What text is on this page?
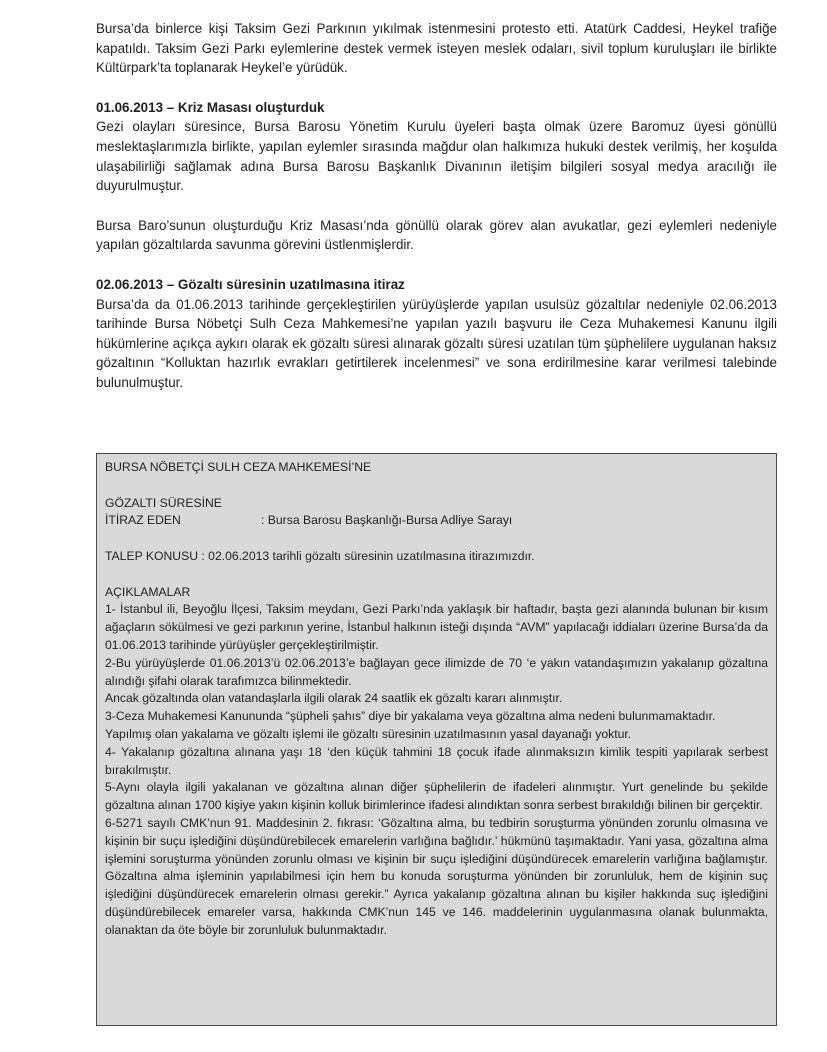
Bursa’da binlerce kişi Taksim Gezi Parkının yıkılmak istenmesini protesto etti. Atatürk Caddesi, Heykel trafiğe kapatıldı. Taksim Gezi Parkı eylemlerine destek vermek isteyen meslek odaları, sivil toplum kuruluşları ile birlikte Kültürpark’ta toplanarak Heykel’e yürüdük.

01.06.2013 – Kriz Masası oluşturduk

Gezi olayları süresince, Bursa Barosu Yönetim Kurulu üyeleri başta olmak üzere Baromuz üyesi gönüllü meslektaşlarımızla birlikte, yapılan eylemler sırasında mağdur olan halkımıza hukuki destek verilmiş, her koşulda ulaşabilirliği sağlamak adına Bursa Barosu Başkanlık Divanının iletişim bilgileri sosyal medya aracılığı ile duyurulmuştur.

Bursa Baro’sunun oluşturduğu Kriz Masası’nda gönüllü olarak görev alan avukatlar, gezi eylemleri nedeniyle yapılan gözaltılarda savunma görevini üstlenmişlerdir.

02.06.2013 – Gözaltı süresinin uzatılmasına itiraz

Bursa’da da 01.06.2013 tarihinde gerçekleştirilen yürüyüşlerde yapılan usulsüz gözaltılar nedeniyle 02.06.2013 tarihinde Bursa Nöbetçi Sulh Ceza Mahkemesi’ne yapılan yazılı başvuru ile Ceza Muhakemesi Kanunu ilgili hükümlerine açıkça aykırı olarak ek gözaltı süresi alınarak gözaltı süresi uzatılan tüm şüphelilere uygulanan haksız gözaltının “Kolluktan hazırlık evrakları getirtilerek incelenmesi” ve sona erdirilmesine karar verilmesi talebinde bulunulmuştur.

BURSA NÖBETÇİ SULH CEZA MAHKEMESİ’NE

GÖZALTI SÜRESİNE

İTİRAZ EDEN	: Bursa Barosu Başkanlığı-Bursa Adliye Sarayı

TALEP KONUSU : 02.06.2013 tarihli gözaltı süresinin uzatılmasına itirazımızdır.

AÇIKLAMALAR

1- İstanbul ili, Beyoğlu İlçesi, Taksim meydanı, Gezi Parkı’nda yaklaşık bir haftadır, başta gezi alanında bulunan bir kısım ağaçların sökülmesi ve gezi parkının yerine, İstanbul halkının isteği dışında “AVM” yapılacağı iddiaları üzerine Bursa’da da 01.06.2013 tarihinde yürüyüşler gerçekleştirilmiştir.

2-Bu yürüyüşlerde 01.06.2013’ü 02.06.2013’e bağlayan gece ilimizde de 70 ‘e yakın vatandaşımızın yakalanıp gözaltına alındığı şifahi olarak tarafımızca bilinmektedir.

Ancak gözaltında olan vatandaşlarla ilgili olarak 24 saatlik ek gözaltı kararı alınmıştır.

3-Ceza Muhakemesi Kanununda “şüpheli şahıs” diye bir yakalama veya gözaltına alma nedeni bulunmamaktadır.

Yapılmış olan yakalama ve gözaltı işlemi ile gözaltı süresinin uzatılmasının yasal dayanağı yoktur.

4- Yakalanıp gözaltına alınana yaşı 18 ‘den küçük tahmini 18 çocuk ifade alınmaksızın kimlik tespiti yapılarak serbest bırakılmıştır.

5-Aynı olayla ilgili yakalanan ve gözaltına alınan diğer şüphelilerin de ifadeleri alınmıştır. Yurt genelinde bu şekilde gözaltına alınan 1700 kişiye yakın kişinin kolluk birimlerince ifadesi alındıktan sonra serbest bırakıldığı bilinen bir gerçektir.

6-5271 sayılı CMK’nun 91. Maddesinin 2. fıkrası: ‘Gözaltına alma, bu tedbirin soruşturma yönünden zorunlu olmasına ve kişinin bir suçu işlediğini düşündürebilecek emarelerin varlığına bağlıdır.’ hükmünü taşımaktadır. Yani yasa, gözaltına alma işlemini soruşturma yönünden zorunlu olması ve kişinin bir suçu işlediğini düşündürecek emarelerin varlığına bağlamıştır. Gözaltına alma işleminin yapılabilmesi için hem bu konuda soruşturma yönünden bir zorunluluk, hem de kişinin suç işlediğini düşündürecek emarelerin olması gerekir.” Ayrıca yakalanıp gözaltına alınan bu kişiler hakkında suç işlediğini düşündürebilecek emareler varsa, hakkında CMK’nun 145 ve 146. maddelerinin uygulanmasına olanak bulunmakta, olanaktan da öte böyle bir zorunluluk bulunmaktadır.
